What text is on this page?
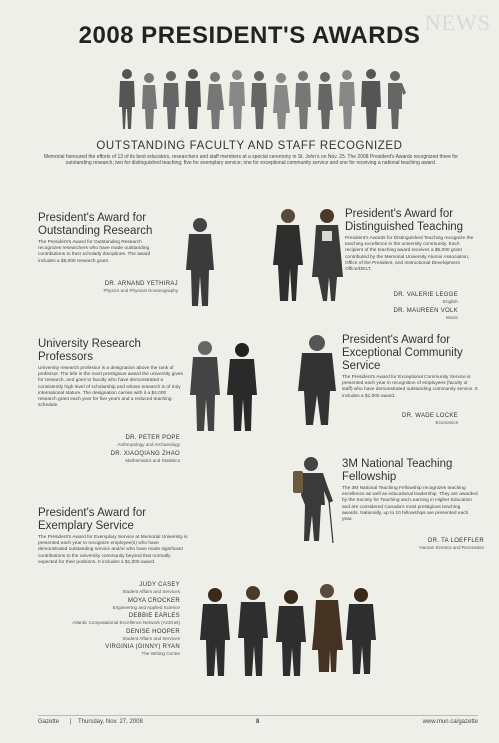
NEWS
2008 PRESIDENT'S AWARDS
OUTSTANDING FACULTY AND STAFF RECOGNIZED
Memorial honoured the efforts of 13 of its best educators, researchers and staff members at a special ceremony in St. John's on Nov. 25. The 2008 President's Awards recognized three for outstanding research; two for distinguished teaching; five for exemplary service; one for exceptional community service and one for receiving a national teaching award.
President's Award for Outstanding Research
The President's Award for Outstanding Research recognizes researchers who have made outstanding contributions to their scholarly disciplines. The award includes a $5,000 research grant.
DR. ARNAND YETHIRAJ
Physics and Physical Oceanography
President's Award for Distinguished Teaching
President's Awards for Distinguished Teaching recognize the teaching excellence in the university community. Each recipient of the teaching award receives a $5,000 grant contributed by the Memorial University Alumni Association, Office of the President, and Instructional Development Office/DELT.
DR. VALERIE LEGGE
English
DR. MAUREEN VOLK
Music
University Research Professors
University research professor is a designation above the rank of professor. The title is the most prestigious award the university gives for research, and goes to faculty who have demonstrated a consistently high level of scholarship and whose research is of truly international stature. The designation carries with it a $4,000 research grant each year for five years and a reduced teaching schedule.
DR. PETER POPE
Anthropology and Archaeology
DR. XIAOQIANG ZHAO
Mathematics and Statistics
President's Award for Exceptional Community Service
The President's Award for Exceptional Community Service is presented each year in recognition of employees (faculty or staff) who have demonstrated outstanding community service. It includes a $1,000 award.
DR. WADE LOCKE
Economics
3M National Teaching Fellowship
The 3M National Teaching Fellowship recognizes teaching excellence as well as educational leadership. They are awarded by the Society for Teaching and Learning in Higher Education and are considered Canada's most prestigious teaching awards. Nationally, up to 10 fellowships are presented each year.
DR. TA LOEFFLER
Human Kinetics and Recreation
President's Award for Exemplary Service
The President's Award for Exemplary Service at Memorial University is presented each year to recognize employee(s) who have demonstrated outstanding service and/or who have made significant contributions to the university community beyond that normally expected for their positions. It includes a $1,000 award.
JUDY CASEY
Student Affairs and Services
MOYA CROCKER
Engineering and Applied Science
DEBBIE EARLES
Atlantic Computational Excellence Network (ACEnet)
DENISE HOOPER
Student Affairs and Services
VIRGINIA (GINNY) RYAN
The Writing Centre
Gazette | Thursday, Nov. 27, 2008	8	www.mun.ca/gazette
